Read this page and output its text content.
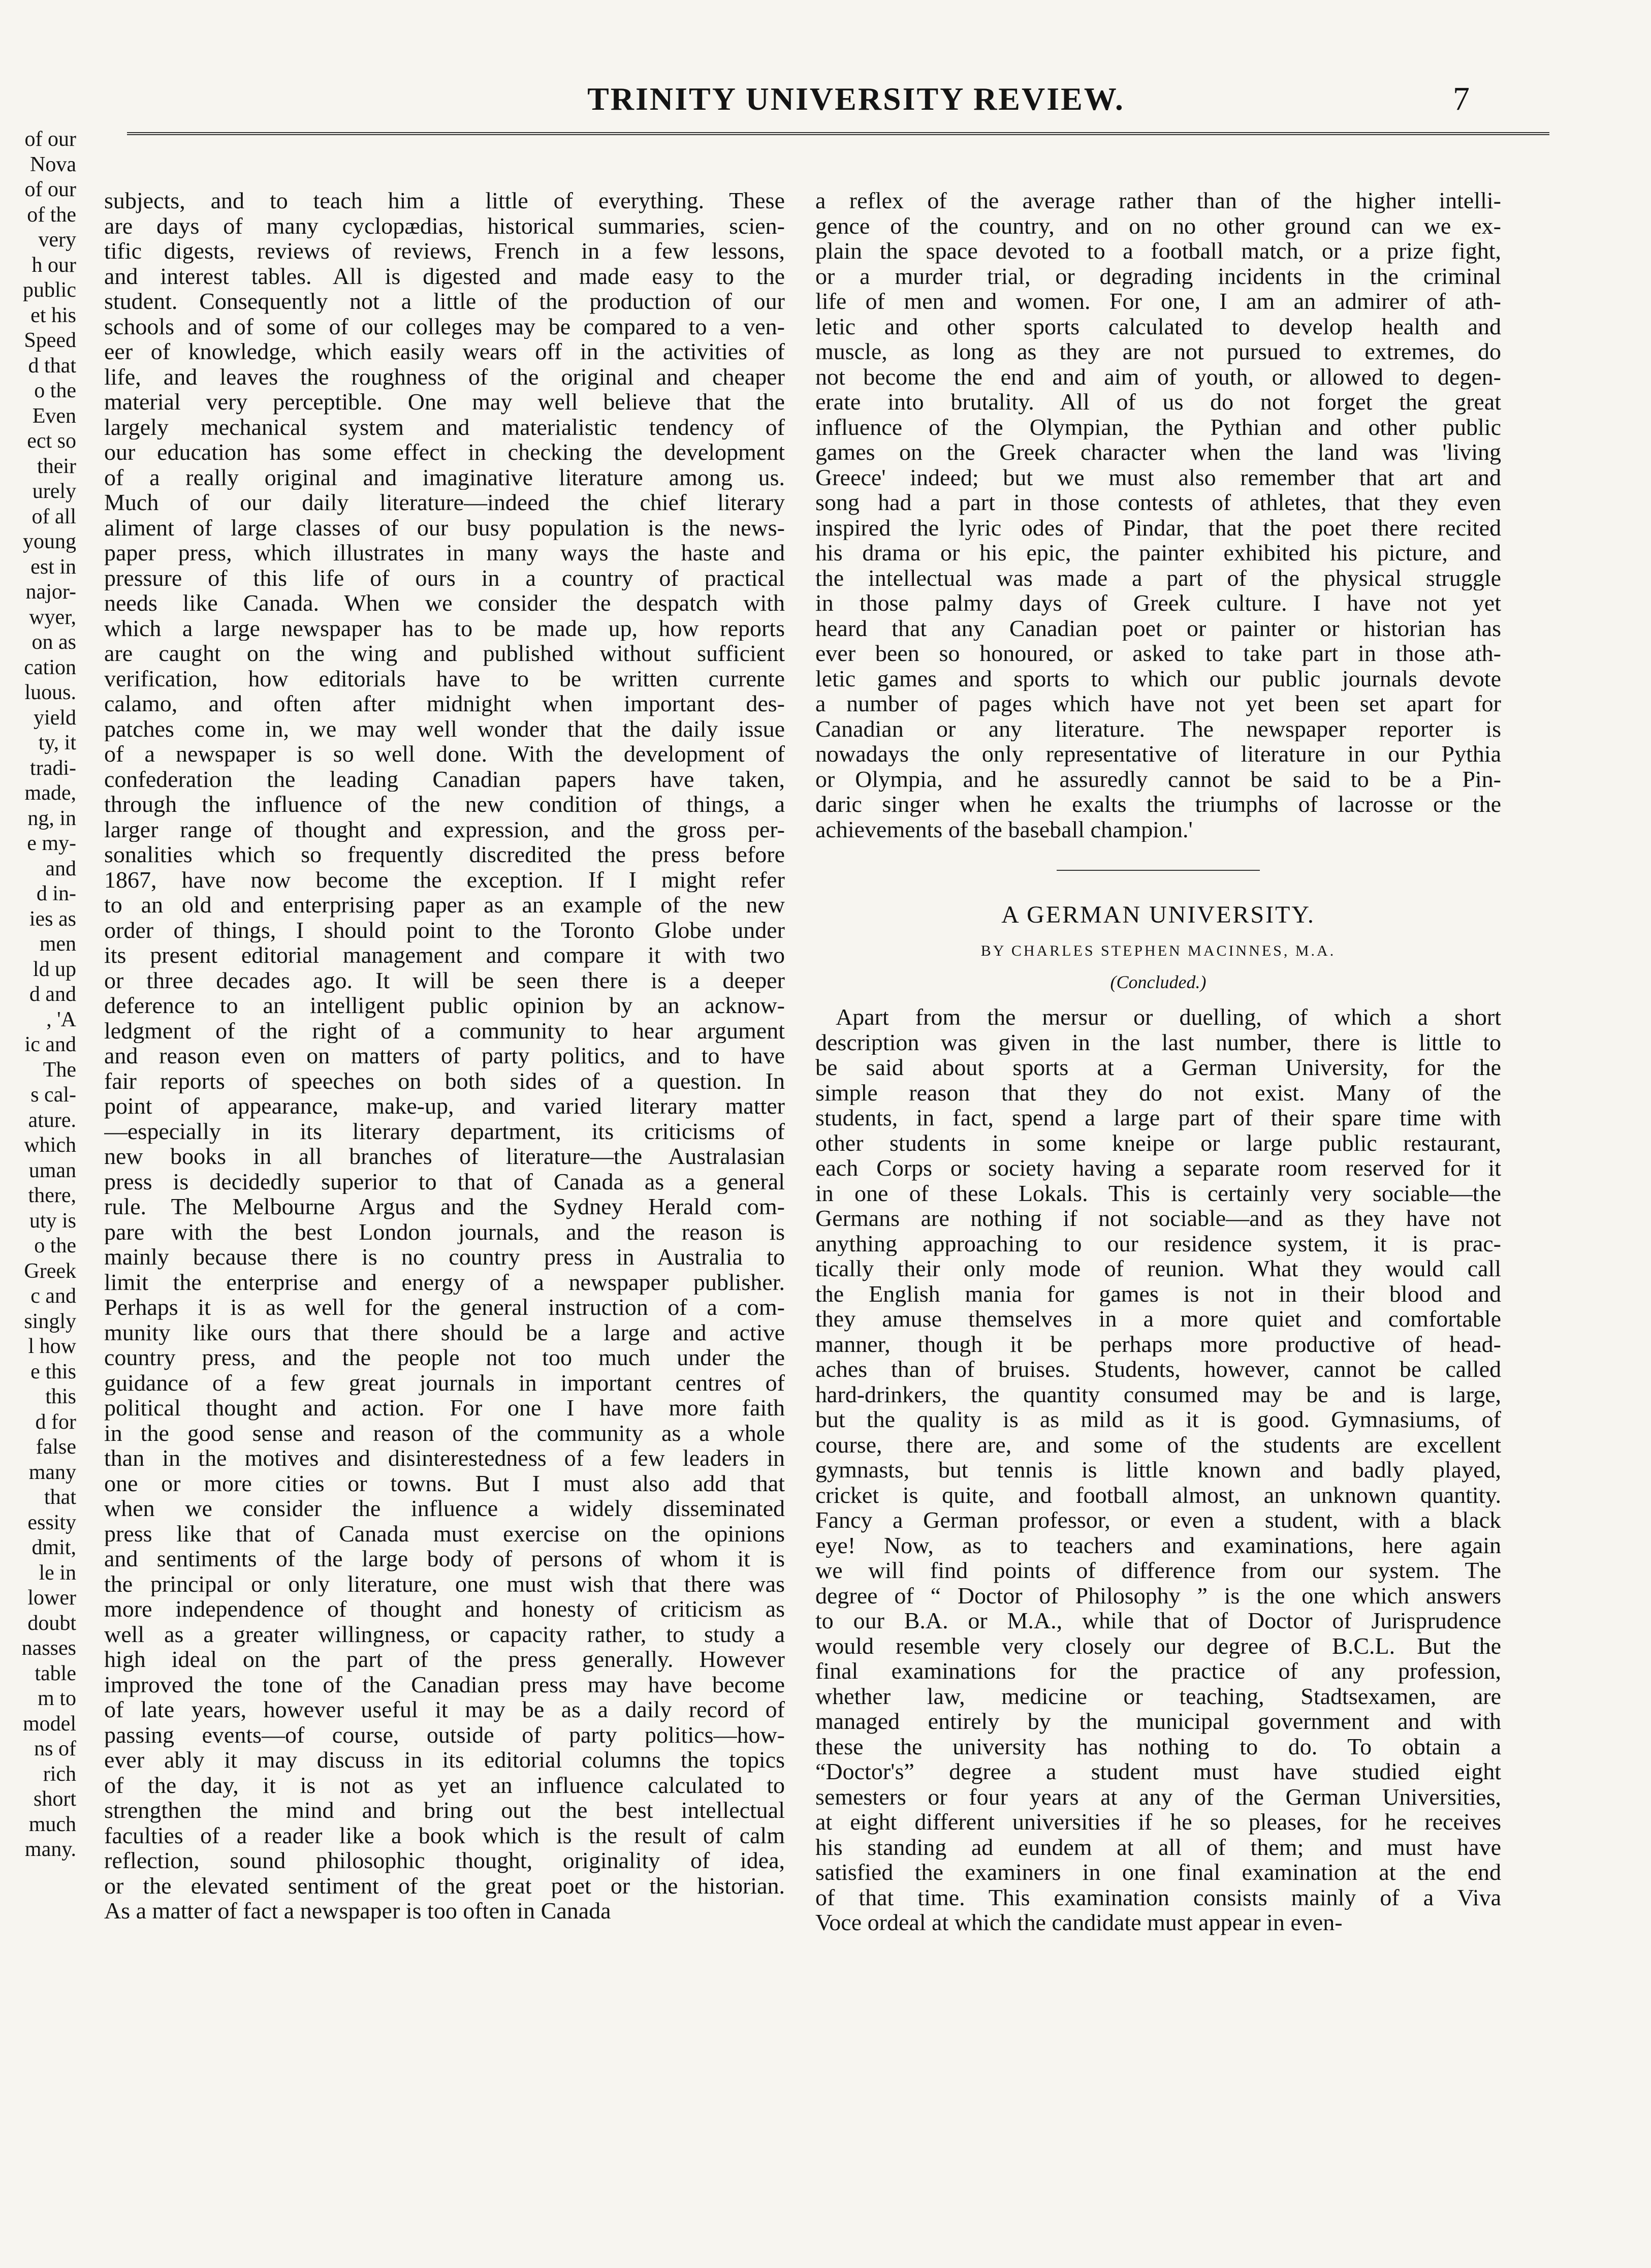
TRINITY UNIVERSITY REVIEW.	7
of our
Nova
of our
of the
very
h our
public
et his
Speed
d that
o the
Even
ect so
their
urely
of all
young
est in
najor-
wyer,
on as
cation
luous.
yield
ty, it
tradi-
made,
ng, in
e my-
and
d in-
ies as
men
ld up
d and
, 'A
ic and
The
s cal-
ature.
which
uman
there,
uty is
o the
Greek
c and
singly
l how
e this
this
d for
false
many
that
essity
dmit,
le in
lower
doubt
nasses
table
m to
model
ns of
rich
short
much
many.
subjects, and to teach him a little of everything. These
are days of many cyclopædias, historical summaries, scien-
tific digests, reviews of reviews, French in a few lessons,
and interest tables. All is digested and made easy to the
student. Consequently not a little of the production of our
schools and of some of our colleges may be compared to a ven-
eer of knowledge, which easily wears off in the activities of
life, and leaves the roughness of the original and cheaper
material very perceptible. One may well believe that the
largely mechanical system and materialistic tendency of
our education has some effect in checking the development
of a really original and imaginative literature among us.
Much of our daily literature—indeed the chief literary
aliment of large classes of our busy population is the news-
paper press, which illustrates in many ways the haste and
pressure of this life of ours in a country of practical
needs like Canada. When we consider the despatch with
which a large newspaper has to be made up, how reports
are caught on the wing and published without sufficient
verification, how editorials have to be written currente
calamo, and often after midnight when important des-
patches come in, we may well wonder that the daily issue
of a newspaper is so well done. With the development of
confederation the leading Canadian papers have taken,
through the influence of the new condition of things, a
larger range of thought and expression, and the gross per-
sonalities which so frequently discredited the press before
1867, have now become the exception. If I might refer
to an old and enterprising paper as an example of the new
order of things, I should point to the Toronto Globe under
its present editorial management and compare it with two
or three decades ago. It will be seen there is a deeper
deference to an intelligent public opinion by an acknow-
ledgment of the right of a community to hear argument
and reason even on matters of party politics, and to have
fair reports of speeches on both sides of a question. In
point of appearance, make-up, and varied literary matter
—especially in its literary department, its criticisms of
new books in all branches of literature—the Australasian
press is decidedly superior to that of Canada as a general
rule. The Melbourne Argus and the Sydney Herald com-
pare with the best London journals, and the reason is
mainly because there is no country press in Australia to
limit the enterprise and energy of a newspaper publisher.
Perhaps it is as well for the general instruction of a com-
munity like ours that there should be a large and active
country press, and the people not too much under the
guidance of a few great journals in important centres of
political thought and action. For one I have more faith
in the good sense and reason of the community as a whole
than in the motives and disinterestedness of a few leaders in
one or more cities or towns. But I must also add that
when we consider the influence a widely disseminated
press like that of Canada must exercise on the opinions
and sentiments of the large body of persons of whom it is
the principal or only literature, one must wish that there was
more independence of thought and honesty of criticism as
well as a greater willingness, or capacity rather, to study a
high ideal on the part of the press generally. However
improved the tone of the Canadian press may have become
of late years, however useful it may be as a daily record of
passing events—of course, outside of party politics—how-
ever ably it may discuss in its editorial columns the topics
of the day, it is not as yet an influence calculated to
strengthen the mind and bring out the best intellectual
faculties of a reader like a book which is the result of calm
reflection, sound philosophic thought, originality of idea,
or the elevated sentiment of the great poet or the historian.
As a matter of fact a newspaper is too often in Canada
a reflex of the average rather than of the higher intelli-
gence of the country, and on no other ground can we ex-
plain the space devoted to a football match, or a prize fight,
or a murder trial, or degrading incidents in the criminal
life of men and women. For one, I am an admirer of ath-
letic and other sports calculated to develop health and
muscle, as long as they are not pursued to extremes, do
not become the end and aim of youth, or allowed to degen-
erate into brutality. All of us do not forget the great
influence of the Olympian, the Pythian and other public
games on the Greek character when the land was 'living
Greece' indeed; but we must also remember that art and
song had a part in those contests of athletes, that they even
inspired the lyric odes of Pindar, that the poet there recited
his drama or his epic, the painter exhibited his picture, and
the intellectual was made a part of the physical struggle
in those palmy days of Greek culture. I have not yet
heard that any Canadian poet or painter or historian has
ever been so honoured, or asked to take part in those ath-
letic games and sports to which our public journals devote
a number of pages which have not yet been set apart for
Canadian or any literature. The newspaper reporter is
nowadays the only representative of literature in our Pythia
or Olympia, and he assuredly cannot be said to be a Pin-
daric singer when he exalts the triumphs of lacrosse or the
achievements of the baseball champion.'
A GERMAN UNIVERSITY.
BY CHARLES STEPHEN MACINNES, M.A.
(Concluded.)
Apart from the mersur or duelling, of which a short
description was given in the last number, there is little to
be said about sports at a German University, for the
simple reason that they do not exist. Many of the
students, in fact, spend a large part of their spare time with
other students in some kneipe or large public restaurant,
each Corps or society having a separate room reserved for it
in one of these Lokals. This is certainly very sociable—the
Germans are nothing if not sociable—and as they have not
anything approaching to our residence system, it is prac-
tically their only mode of reunion. What they would call
the English mania for games is not in their blood and
they amuse themselves in a more quiet and comfortable
manner, though it be perhaps more productive of head-
aches than of bruises. Students, however, cannot be called
hard-drinkers, the quantity consumed may be and is large,
but the quality is as mild as it is good. Gymnasiums, of
course, there are, and some of the students are excellent
gymnasts, but tennis is little known and badly played,
cricket is quite, and football almost, an unknown quantity.
Fancy a German professor, or even a student, with a black
eye! Now, as to teachers and examinations, here again
we will find points of difference from our system. The
degree of “ Doctor of Philosophy ” is the one which answers
to our B.A. or M.A., while that of Doctor of Jurisprudence
would resemble very closely our degree of B.C.L. But the
final examinations for the practice of any profession,
whether law, medicine or teaching, Stadtsexamen, are
managed entirely by the municipal government and with
these the university has nothing to do. To obtain a
“Doctor's” degree a student must have studied eight
semesters or four years at any of the German Universities,
at eight different universities if he so pleases, for he receives
his standing ad eundem at all of them; and must have
satisfied the examiners in one final examination at the end
of that time. This examination consists mainly of a Viva
Voce ordeal at which the candidate must appear in even-
